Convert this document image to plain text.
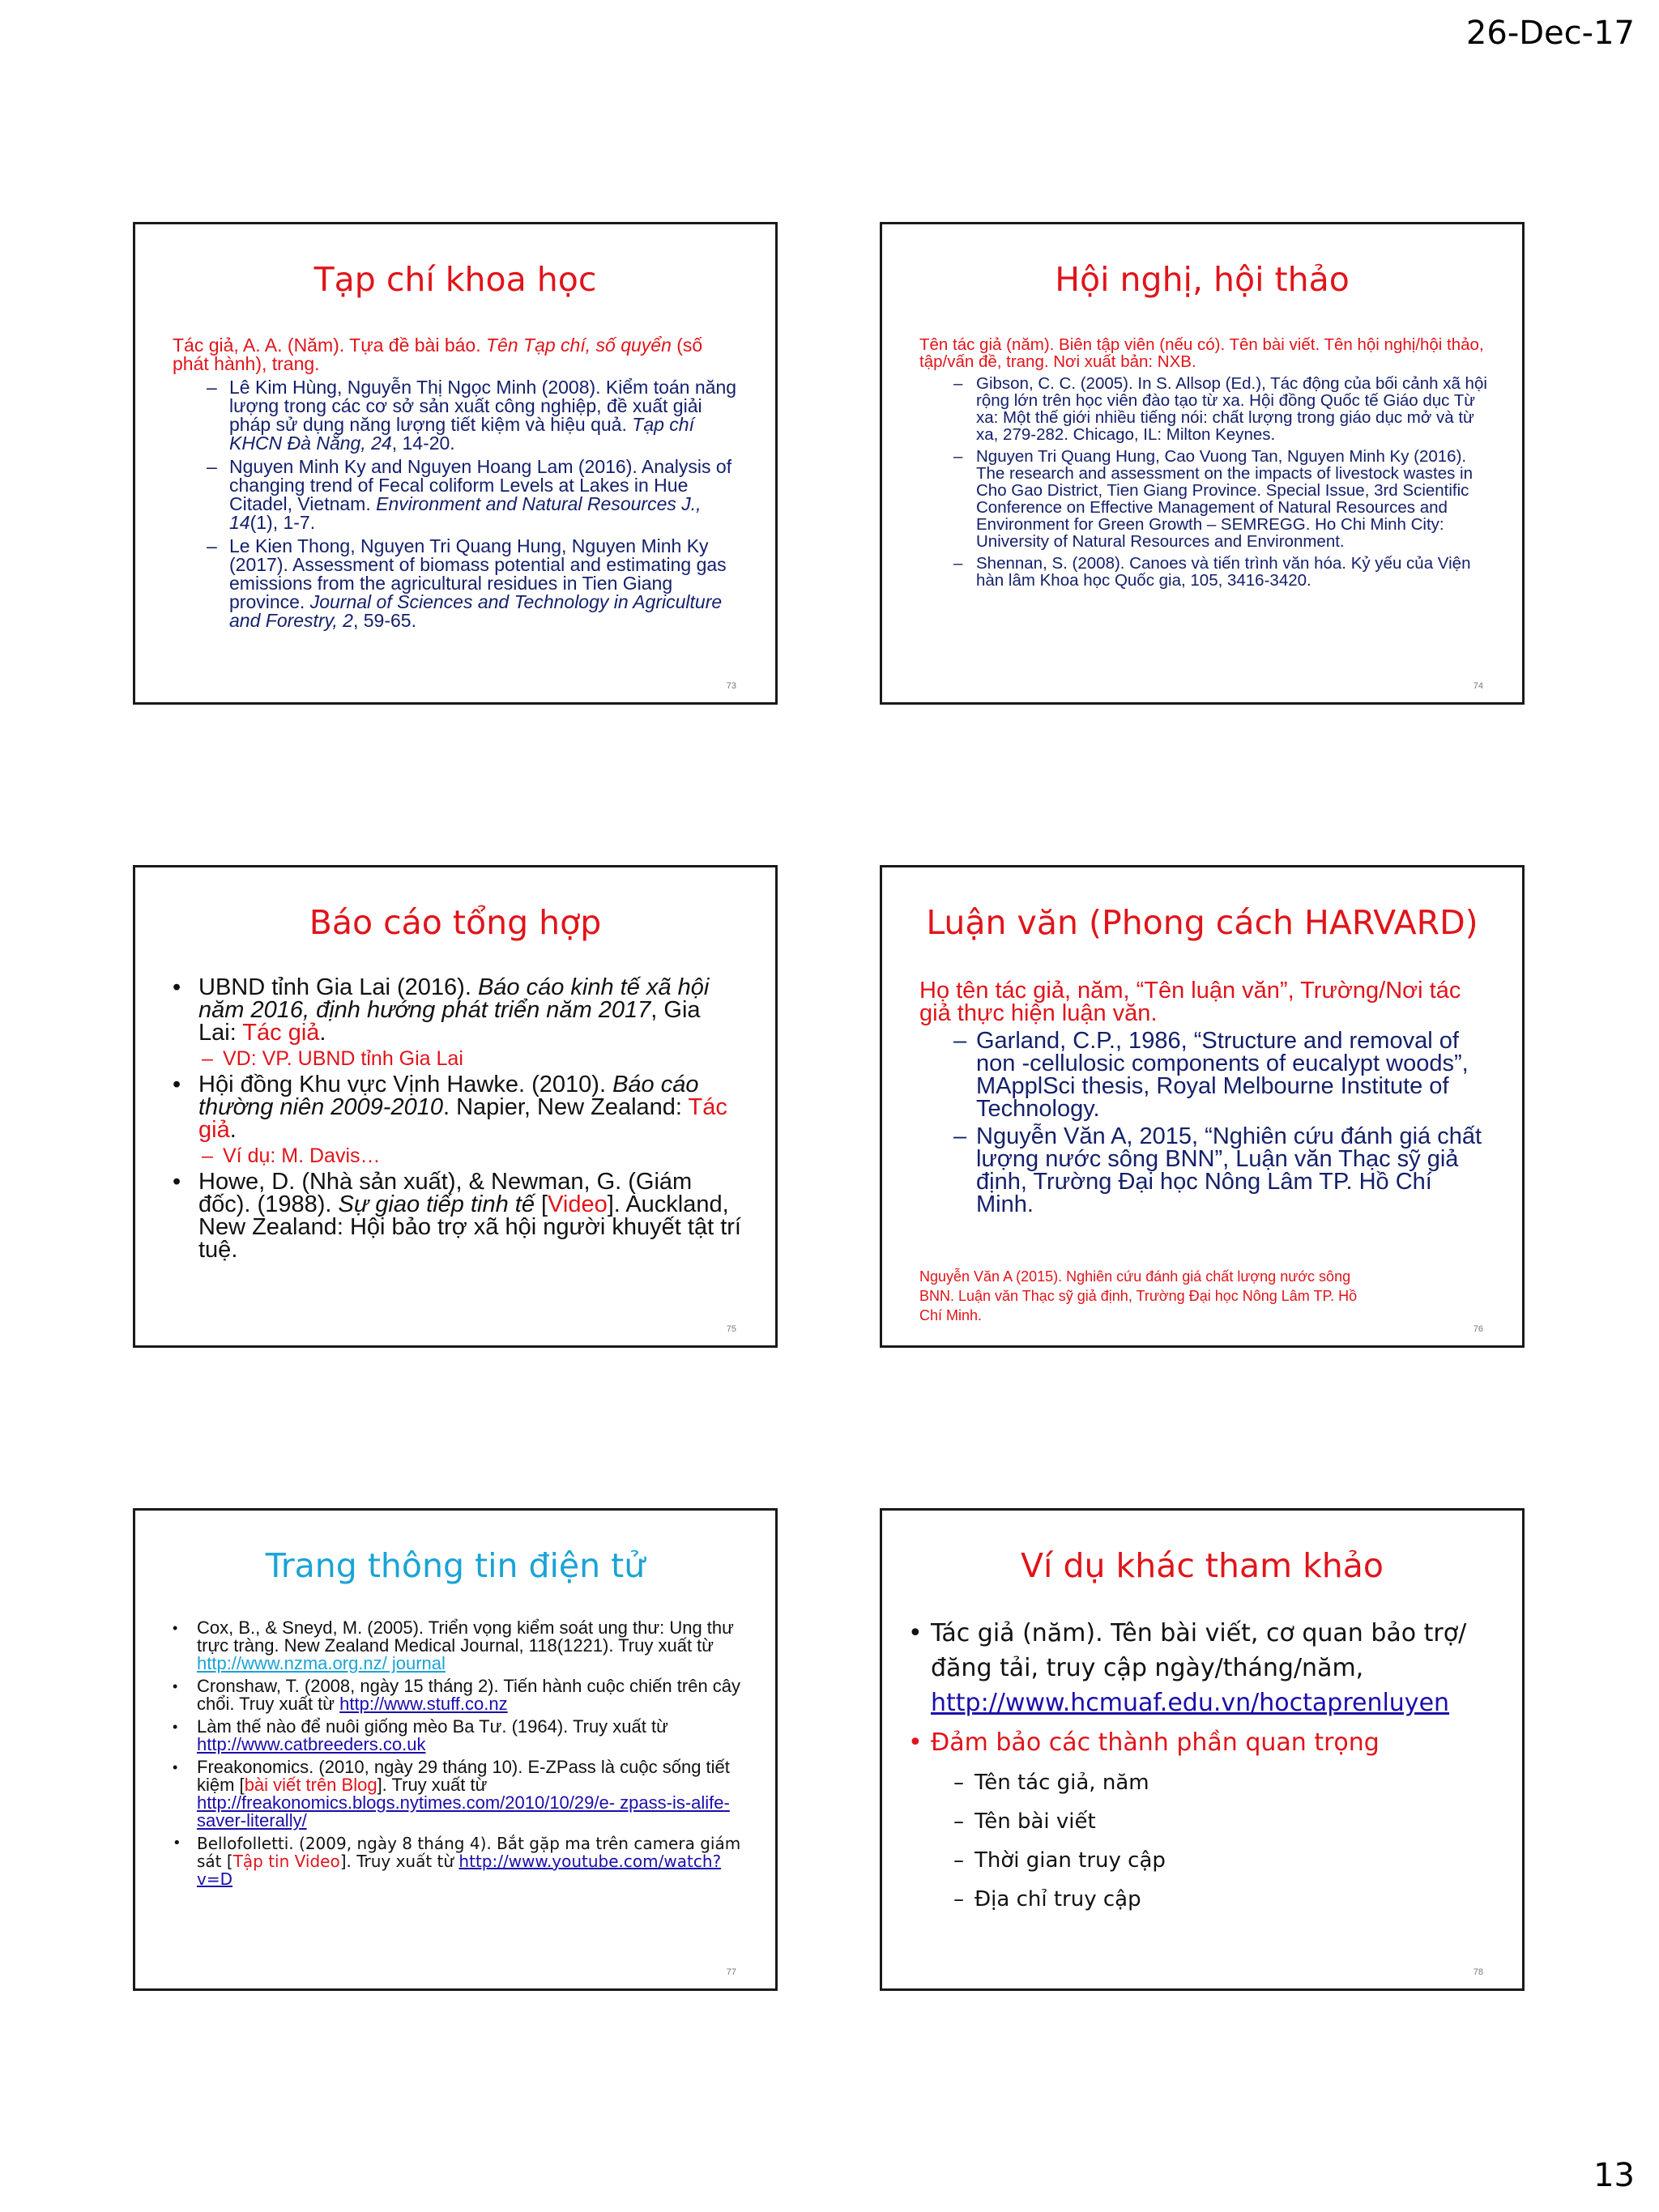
26-Dec-17
Tạp chí khoa học

Tác giả, A. A. (Năm). Tựa đề bài báo. Tên Tạp chí, số quyển (số phát hành), trang.

– Lê Kim Hùng, Nguyễn Thị Ngọc Minh (2008). Kiểm toán năng lượng trong các cơ sở sản xuất công nghiệp, đề xuất giải pháp sử dụng năng lượng tiết kiệm và hiệu quả. Tạp chí KHCN Đà Nẵng, 24, 14-20.
– Nguyen Minh Ky and Nguyen Hoang Lam (2016). Analysis of changing trend of Fecal coliform Levels at Lakes in Hue Citadel, Vietnam. Environment and Natural Resources J., 14(1), 1-7.
– Le Kien Thong, Nguyen Tri Quang Hung, Nguyen Minh Ky (2017). Assessment of biomass potential and estimating gas emissions from the agricultural residues in Tien Giang province. Journal of Sciences and Technology in Agriculture and Forestry, 2, 59-65.
73
Hội nghị, hội thảo

Tên tác giả (năm). Biên tập viên (nếu có). Tên bài viết. Tên hội nghị/hội thảo, tập/vấn đề, trang. Nơi xuất bản: NXB.

– Gibson, C. C. (2005). In S. Allsop (Ed.), Tác động của bối cảnh xã hội rộng lớn trên học viên đào tạo từ xa. Hội đồng Quốc tế Giáo dục Từ xa: Một thế giới nhiều tiếng nói: chất lượng trong giáo dục mở và từ xa, 279-282. Chicago, IL: Milton Keynes.
– Nguyen Tri Quang Hung, Cao Vuong Tan, Nguyen Minh Ky (2016). The research and assessment on the impacts of livestock wastes in Cho Gao District, Tien Giang Province. Special Issue, 3rd Scientific Conference on Effective Management of Natural Resources and Environment for Green Growth – SEMREGG. Ho Chi Minh City: University of Natural Resources and Environment.
– Shennan, S. (2008). Canoes và tiến trình văn hóa. Kỷ yếu của Viện hàn lâm Khoa học Quốc gia, 105, 3416-3420.
74
Báo cáo tổng hợp
• UBND tỉnh Gia Lai (2016). Báo cáo kinh tế xã hội năm 2016, định hướng phát triển năm 2017, Gia Lai: Tác giả.
– VD: VP. UBND tỉnh Gia Lai
• Hội đồng Khu vực Vịnh Hawke. (2010). Báo cáo thường niên 2009-2010. Napier, New Zealand: Tác giả.
– Ví dụ: M. Davis…
• Howe, D. (Nhà sản xuất), & Newman, G. (Giám đốc). (1988). Sự giao tiếp tinh tế [Video]. Auckland, New Zealand: Hội bảo trợ xã hội người khuyết tật trí tuệ.
75
Luận văn (Phong cách HARVARD)

Họ tên tác giả, năm, “Tên luận văn”, Trường/Nơi tác giả thực hiện luận văn.

– Garland, C.P., 1986, “Structure and removal of non -cellulosic components of eucalypt woods”, MApplSci thesis, Royal Melbourne Institute of Technology.
– Nguyễn Văn A, 2015, “Nghiên cứu đánh giá chất lượng nước sông BNN”, Luận văn Thạc sỹ giả định, Trường Đại học Nông Lâm TP. Hồ Chí Minh.
Nguyễn Văn A (2015). Nghiên cứu đánh giá chất lượng nước sông BNN. Luận văn Thạc sỹ giả định, Trường Đại học Nông Lâm TP. Hồ Chí Minh.
76
Trang thông tin điện tử
• Cox, B., & Sneyd, M. (2005). Triển vọng kiểm soát ung thư: Ung thư trực tràng. New Zealand Medical Journal, 118(1221). Truy xuất từ http://www.nzma.org.nz/ journal
• Cronshaw, T. (2008, ngày 15 tháng 2). Tiến hành cuộc chiến trên cây chổi. Truy xuất từ http://www.stuff.co.nz
• Làm thế nào để nuôi giống mèo Ba Tư. (1964). Truy xuất từ http://www.catbreeders.co.uk
• Freakonomics. (2010, ngày 29 tháng 10). E-ZPass là cuộc sống tiết kiệm [bài viết trên Blog]. Truy xuất từ http://freakonomics.blogs.nytimes.com/2010/10/29/e- zpass-is-alife-saver-literally/
• Bellofolletti. (2009, ngày 8 tháng 4). Bắt gặp ma trên camera giám sát [Tập tin Video]. Truy xuất từ http://www.youtube.com/watch?v=D
77
Ví dụ khác tham khảo
• Tác giả (năm). Tên bài viết, cơ quan bảo trợ/đăng tải, truy cập ngày/tháng/năm, http://www.hcmuaf.edu.vn/hoctaprenluyen
• Đảm bảo các thành phần quan trọng
– Tên tác giả, năm
– Tên bài viết
– Thời gian truy cập
– Địa chỉ truy cập
78
13
